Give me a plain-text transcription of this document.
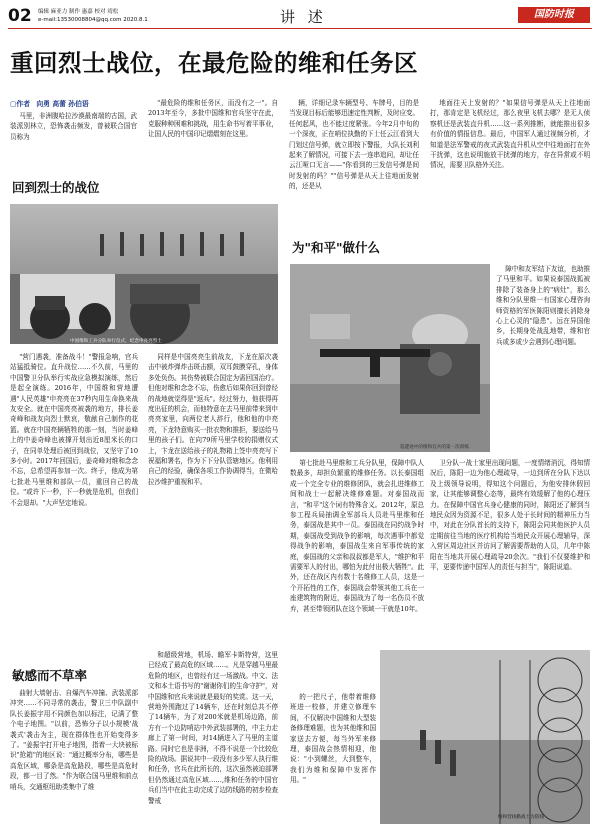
02 编辑 麻亚力 制作 惠嘉 校对 靖松
e-mail:13530008804@qq.com 2020.8.1	讲 述	国防时报
重回烈士战位，在最危险的维和任务区
▢作者 向勇 高蕾 孙伯语

马里，非洲腹哈拉沙漠最南端的古国，武装派别林立，恐怖袭击频发，曾被联合国官员称为

"最危险的维和任务区，而没有之一"。自2013年至今，多批中国维和官兵坚守在此，克服种种困难和挑战，用生命书写着平事业，让国人民的中国印记熠熠刻在这里。

辆，详细记录车辆型号、车牌号，目的是当发现目标后能够迅速定性判断，及时应变。任何起风，也不能过度紧张。今年2月中旬的一个深夜，正在哨位执勤的下士任云江看到大门划过信号弹，就立即按下警报，大队长刘利起来了解情况，可接下去一连串追问，却让任云江哑口无言——"你看到的三发信号弹是间时发射的吗？""信号弹是从天上往地面发射的，还是从

地面往天上发射的？"如果信号弹是从天上往地面打，那肯定是飞机经过，那么夜里飞机去哪？是无人侦察机还是武装直升机……这一系列推断，就能推出很多有价值的情报信息。最后，中国军人通过视频分析，才知道是法军警戒的夜式武装直升机从空中往地面打在外干扰弹，这也说明施放干扰弹的地方，存在异常或不明情况，需要卫队格外关注。

回到烈士的战位
中国维和工兵分队举行仪式，纪念申亮亮烈士

"营门遇袭，准备战斗！"警报急响，官兵站猛抵骑位。直升战位……不久前，马里的中国警卫分队举行实战应急模拟演练，然后是起全演练。2016年，中国维和营地遭遇"人民英雄"申亮亮在37秒内用生命换来战友安全。就在中国亮亮被袭的地方，排长姜奇峰和战友向烈士默哀，敬献自己制作的花篮。就在中国亮辆牺牲的那一刻，当时姜峰上的中姜奇峰也被撑开划出近8厘米长的口子，在同单处理后被回到战位，又坚守了10多小时。2017年回国后，姜奇峰对维和念念不忘，总希望再参加一次。终于，他成为第七批赴马里维和部队一员，重回自己的战位。"或许下一秒，下一秒就是危机，但我们不会退却。"大声坚定地说。

同样是中国亮亮生前战友，下龙在原次袭击中被炸弹炸击斑击额，双耳鼓膜穿孔，身体多处负伤。其伤势被联合国定为需回国治疗。但他对维和念念不忘，伤愈后如果你回到曾经的战地就觉得是"返兵"。经过努力，他获得再度出征的机会，而他特意在去马里前带来到申亮亮家里，向两位老人辞行，他和他的申亮亮，下龙特意购买一批衣物和推拒，要送给马里的孩子们。在向79所马里学校的捐赠仪式上，卞龙在送给孩子的礼物箱上签申亮亮写下祝福和署名，作为下下分队管辖地区。他利用自己的经验，确保各项工作协调得当，在微哈拉沙维护重视和平。

敏感而不草率

曲射大墙射击、自爆汽车冲撞、武装派部冲突……不同寻常的袭击，警卫三中队副中队长姜振宇用不同颜色加以标注，记满了整个电子地图。"以前，恐怖分子以小规模'战袭式'袭击为主，现在群体性也开始变得多了。"姜振宇打开电子地图，指着一大块被标识"抢箱"的地区说："通过概率分布，哪些是高危区域，哪条是高危路段，哪些是高危时段，都一目了然。"作为联合国马里维和前点哨兵，交通枢纽助类集中了维

和超级营地，机场、瞻军卡斯特营，这里已经成了最高危的区域……。凡是穿越马里最危险的地区，也曾经有过一场激战。中文、法文和本土语书写的"谢谢你们的生命守护"，对中国维和官兵来说就是最好的奖赏。这一天，营地外围跑过了14辆车，还在时刻总共不停了14辆车，为了对200米就是机场边路，前方有一个边防哨站中外武装部署的，中主力走廊上了第一时间，对14辆进入了马里的主道路。同时它也是非洲，不得不说是一个比较危险的战场。据说其中一段没有多少军人执行维和任务，官兵在此所长的，这次虽然被迫部署但仍然通过高危区域……,维和任务的中国官兵们当中在此主动完成了边防线路的初步检查警戒

为"和平"做什么
巡逻途中的维和官兵的第一次训练

障中和友军结下友谊，也助推了马里和平。如果说泰国战狐被排除了装备身上的"病灶"，那么维和分队里维一有国家心理咨询师资格的军医陈阳则擅长消除身心上心灵的"隐患"。远在异国他乡，长期身处战乱地带，维和官兵或多或少会遇到心理问题。

第七批赴马里维和工兵分队里，保障中队人数最多，却担负繁重的维修任务。以长泰国组成一个完全专业的维修团队，就会扎进维修工间和战士一起解决维修难题。对泰国战而言，"和平"这个词有特殊含义。2012年，原总参工程兵局抽调全军部兵人员赴马里维和任务，泰国战是其中一员。泰国战在同约战争时期，泰国战受到战争的影响，每次遇事中都觉得战争的影响，泰国战生来自军事传统的家庭，泰国战的父亲和叔叔都是军人，"维护和平需要军人的付出，哪怕为此付出极大牺牲"。此外，还在战区内有数十名维修工人员，这是一个开拓性的工作，泰国战会带领其他工兵在一座建筑物的附近，泰国战为了每一名伤员不放弃，甚至带领团队在这个领域一干就是10年。

卫分队一战士家里出现问题，一度情绪消沉，得知情况后，陈阳一边为他心理疏导，一边到所在分队下达以及上级领导说明，得知这个问题后，为他安排休假回家，让其能够调整心态等，最终有效缓解了他的心理压力。在保障中国官兵身心健康的同时，陈阳还了解到当地民众因为资源不足，很多人处于长时间的精神压力当中，对此在分队首长的支持下，陈阳会同其他医护人员定期前往当地的医疗机构给当地民众开展心理辅导，深入营区周边社区并访问了解需要帮助的人员，几年中陈阳在当地共开展心理疏导20余次。"我们不仅要维护和平，更要传递中国军人的责任与担当"，陈阳说道。

的一把尺子，他带着维修班进一校修，并建立修理车间，不仅解决中国维和大型装备修理难题，也为其他维和国家送去方便，每当外军来修理，泰国战会热情相迎，他说："小到螺丝，大到整车，我们为维和保障中发挥作用。"

维和营执勤战士为防线
